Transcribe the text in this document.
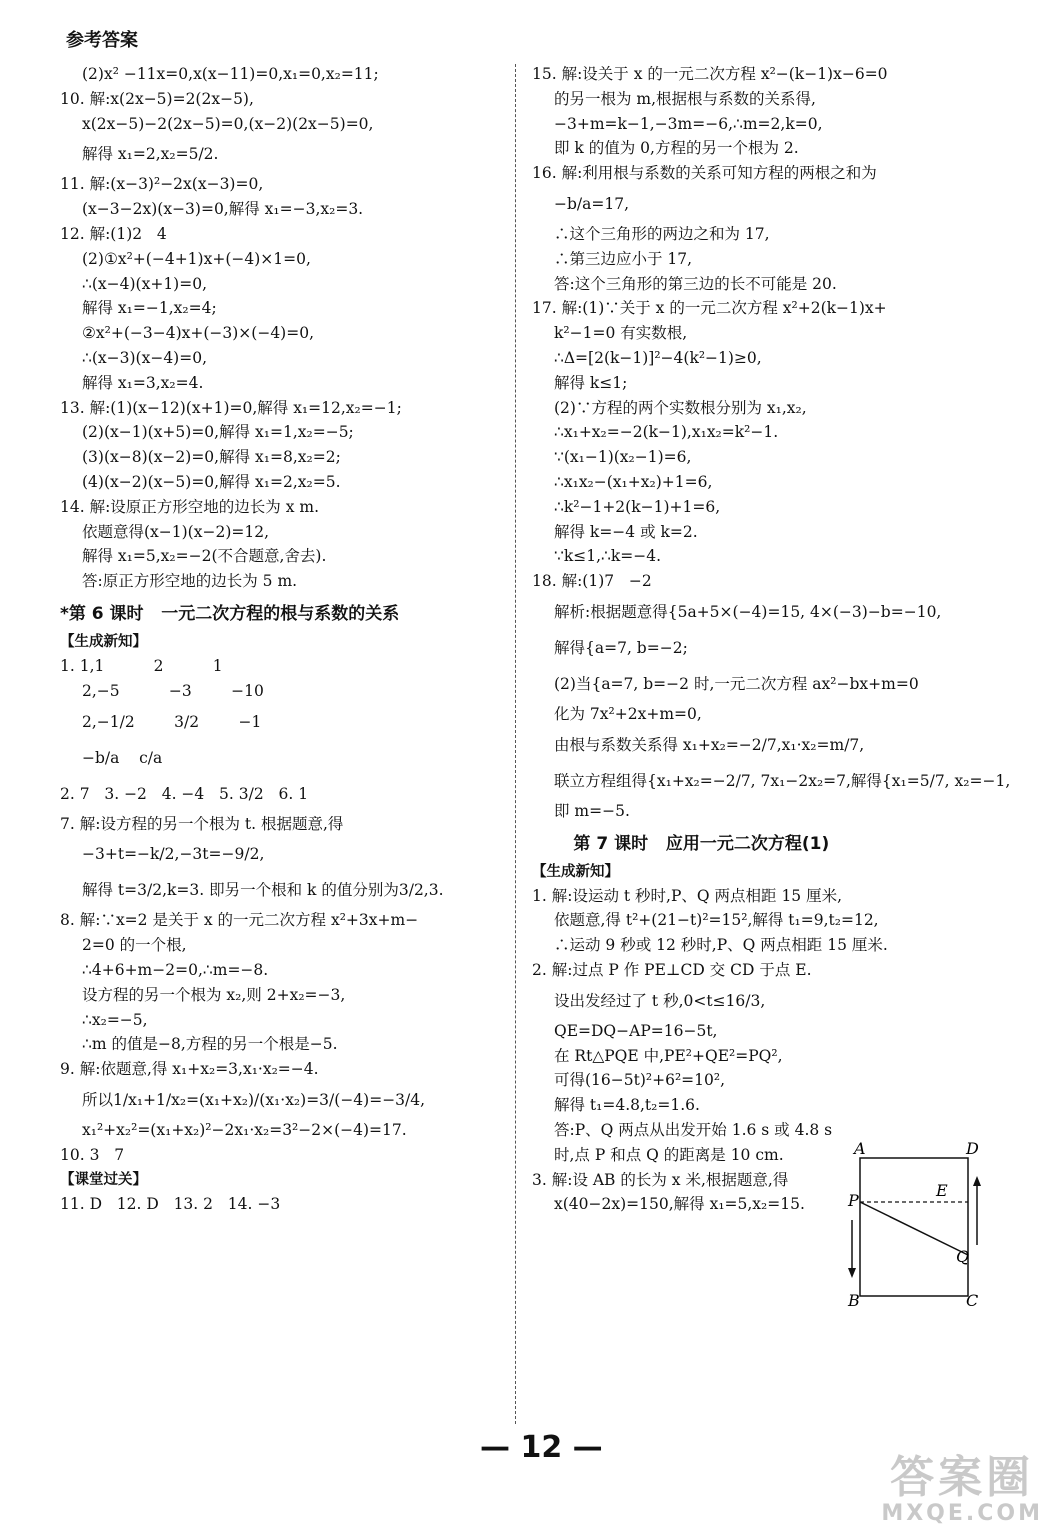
参考答案
(2)x² −11x=0,x(x−11)=0,x₁=0,x₂=11;
10. 解:x(2x−5)=2(2x−5),
x(2x−5)−2(2x−5)=0,(x−2)(2x−5)=0,
解得 x₁=2,x₂=5/2.
11. 解:(x−3)²−2x(x−3)=0,
(x−3−2x)(x−3)=0,解得 x₁=−3,x₂=3.
12. 解:(1)2   4
(2)①x²+(−4+1)x+(−4)×1=0,
∴(x−4)(x+1)=0,
解得 x₁=−1,x₂=4;
②x²+(−3−4)x+(−3)×(−4)=0,
∴(x−3)(x−4)=0,
解得 x₁=3,x₂=4.
13. 解:(1)(x−12)(x+1)=0,解得 x₁=12,x₂=−1;
(2)(x−1)(x+5)=0,解得 x₁=1,x₂=−5;
(3)(x−8)(x−2)=0,解得 x₁=8,x₂=2;
(4)(x−2)(x−5)=0,解得 x₁=2,x₂=5.
14. 解:设原正方形空地的边长为 x m.
依题意得(x−1)(x−2)=12,
解得 x₁=5,x₂=−2(不合题意,舍去).
答:原正方形空地的边长为 5 m.
*第 6 课时   一元二次方程的根与系数的关系
【生成新知】
1. 1,1          2          1
2,−5          −3        −10
2,−1/2        3/2        −1
−b/a    c/a
2. 7   3. −2   4. −4   5. 3/2   6. 1
7. 解:设方程的另一个根为 t. 根据题意,得
−3+t=−k/2,−3t=−9/2,
解得 t=3/2,k=3. 即另一个根和 k 的值分别为3/2,3.
8. 解:∵x=2 是关于 x 的一元二次方程 x²+3x+m−
2=0 的一个根,
∴4+6+m−2=0,∴m=−8.
设方程的另一个根为 x₂,则 2+x₂=−3,
∴x₂=−5,
∴m 的值是−8,方程的另一个根是−5.
9. 解:依题意,得 x₁+x₂=3,x₁·x₂=−4.
所以1/x₁+1/x₂=(x₁+x₂)/(x₁·x₂)=3/(−4)=−3/4,
x₁²+x₂²=(x₁+x₂)²−2x₁·x₂=3²−2×(−4)=17.
10. 3   7
【课堂过关】
11. D   12. D   13. 2   14. −3
15. 解:设关于 x 的一元二次方程 x²−(k−1)x−6=0
的另一根为 m,根据根与系数的关系得,
−3+m=k−1,−3m=−6,∴m=2,k=0,
即 k 的值为 0,方程的另一个根为 2.
16. 解:利用根与系数的关系可知方程的两根之和为
−b/a=17,
∴这个三角形的两边之和为 17,
∴第三边应小于 17,
答:这个三角形的第三边的长不可能是 20.
17. 解:(1)∵关于 x 的一元二次方程 x²+2(k−1)x+
k²−1=0 有实数根,
∴Δ=[2(k−1)]²−4(k²−1)≥0,
解得 k≤1;
(2)∵方程的两个实数根分别为 x₁,x₂,
∴x₁+x₂=−2(k−1),x₁x₂=k²−1.
∵(x₁−1)(x₂−1)=6,
∴x₁x₂−(x₁+x₂)+1=6,
∴k²−1+2(k−1)+1=6,
解得 k=−4 或 k=2.
∵k≤1,∴k=−4.
18. 解:(1)7   −2
解析:根据题意得{5a+5×(−4)=15, 4×(−3)−b=−10,
解得{a=7, b=−2;
(2)当{a=7, b=−2 时,一元二次方程 ax²−bx+m=0
化为 7x²+2x+m=0,
由根与系数关系得 x₁+x₂=−2/7,x₁·x₂=m/7,
联立方程组得{x₁+x₂=−2/7, 7x₁−2x₂=7,解得{x₁=5/7, x₂=−1,
即 m=−5.
第 7 课时   应用一元二次方程(1)
【生成新知】
1. 解:设运动 t 秒时,P、Q 两点相距 15 厘米,
依题意,得 t²+(21−t)²=15²,解得 t₁=9,t₂=12,
∴运动 9 秒或 12 秒时,P、Q 两点相距 15 厘米.
2. 解:过点 P 作 PE⊥CD 交 CD 于点 E.
设出发经过了 t 秒,0<t≤16/3,
QE=DQ−AP=16−5t,
在 Rt△PQE 中,PE²+QE²=PQ²,
可得(16−5t)²+6²=10²,
解得 t₁=4.8,t₂=1.6.
答:P、Q 两点从出发开始 1.6 s 或 4.8 s
时,点 P 和点 Q 的距离是 10 cm.
3. 解:设 AB 的长为 x 米,根据题意,得
x(40−2x)=150,解得 x₁=5,x₂=15.
A	D
E
P
Q
B	C
— 12 —
答案圈
MXQE.COM
